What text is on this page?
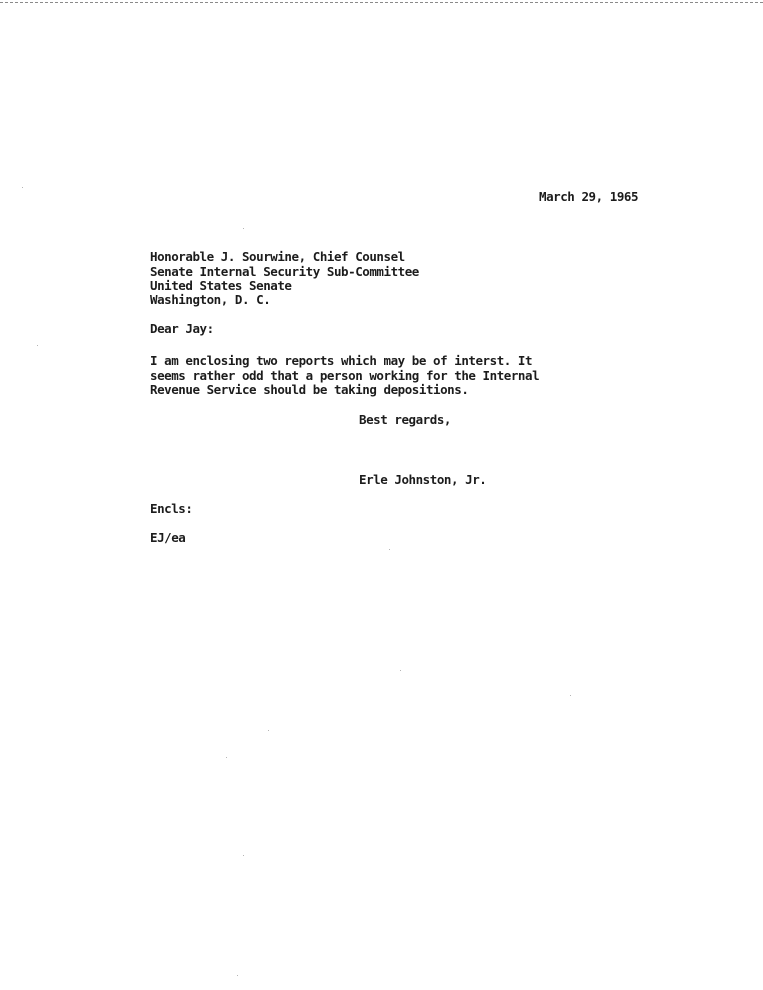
March 29, 1965
Honorable J. Sourwine, Chief Counsel
Senate Internal Security Sub-Committee
United States Senate
Washington, D. C.
Dear Jay:
I am enclosing two reports which may be of interst. It
seems rather odd that a person working for the Internal
Revenue Service should be taking depositions.
Best regards,
Erle Johnston, Jr.
Encls:
EJ/ea
